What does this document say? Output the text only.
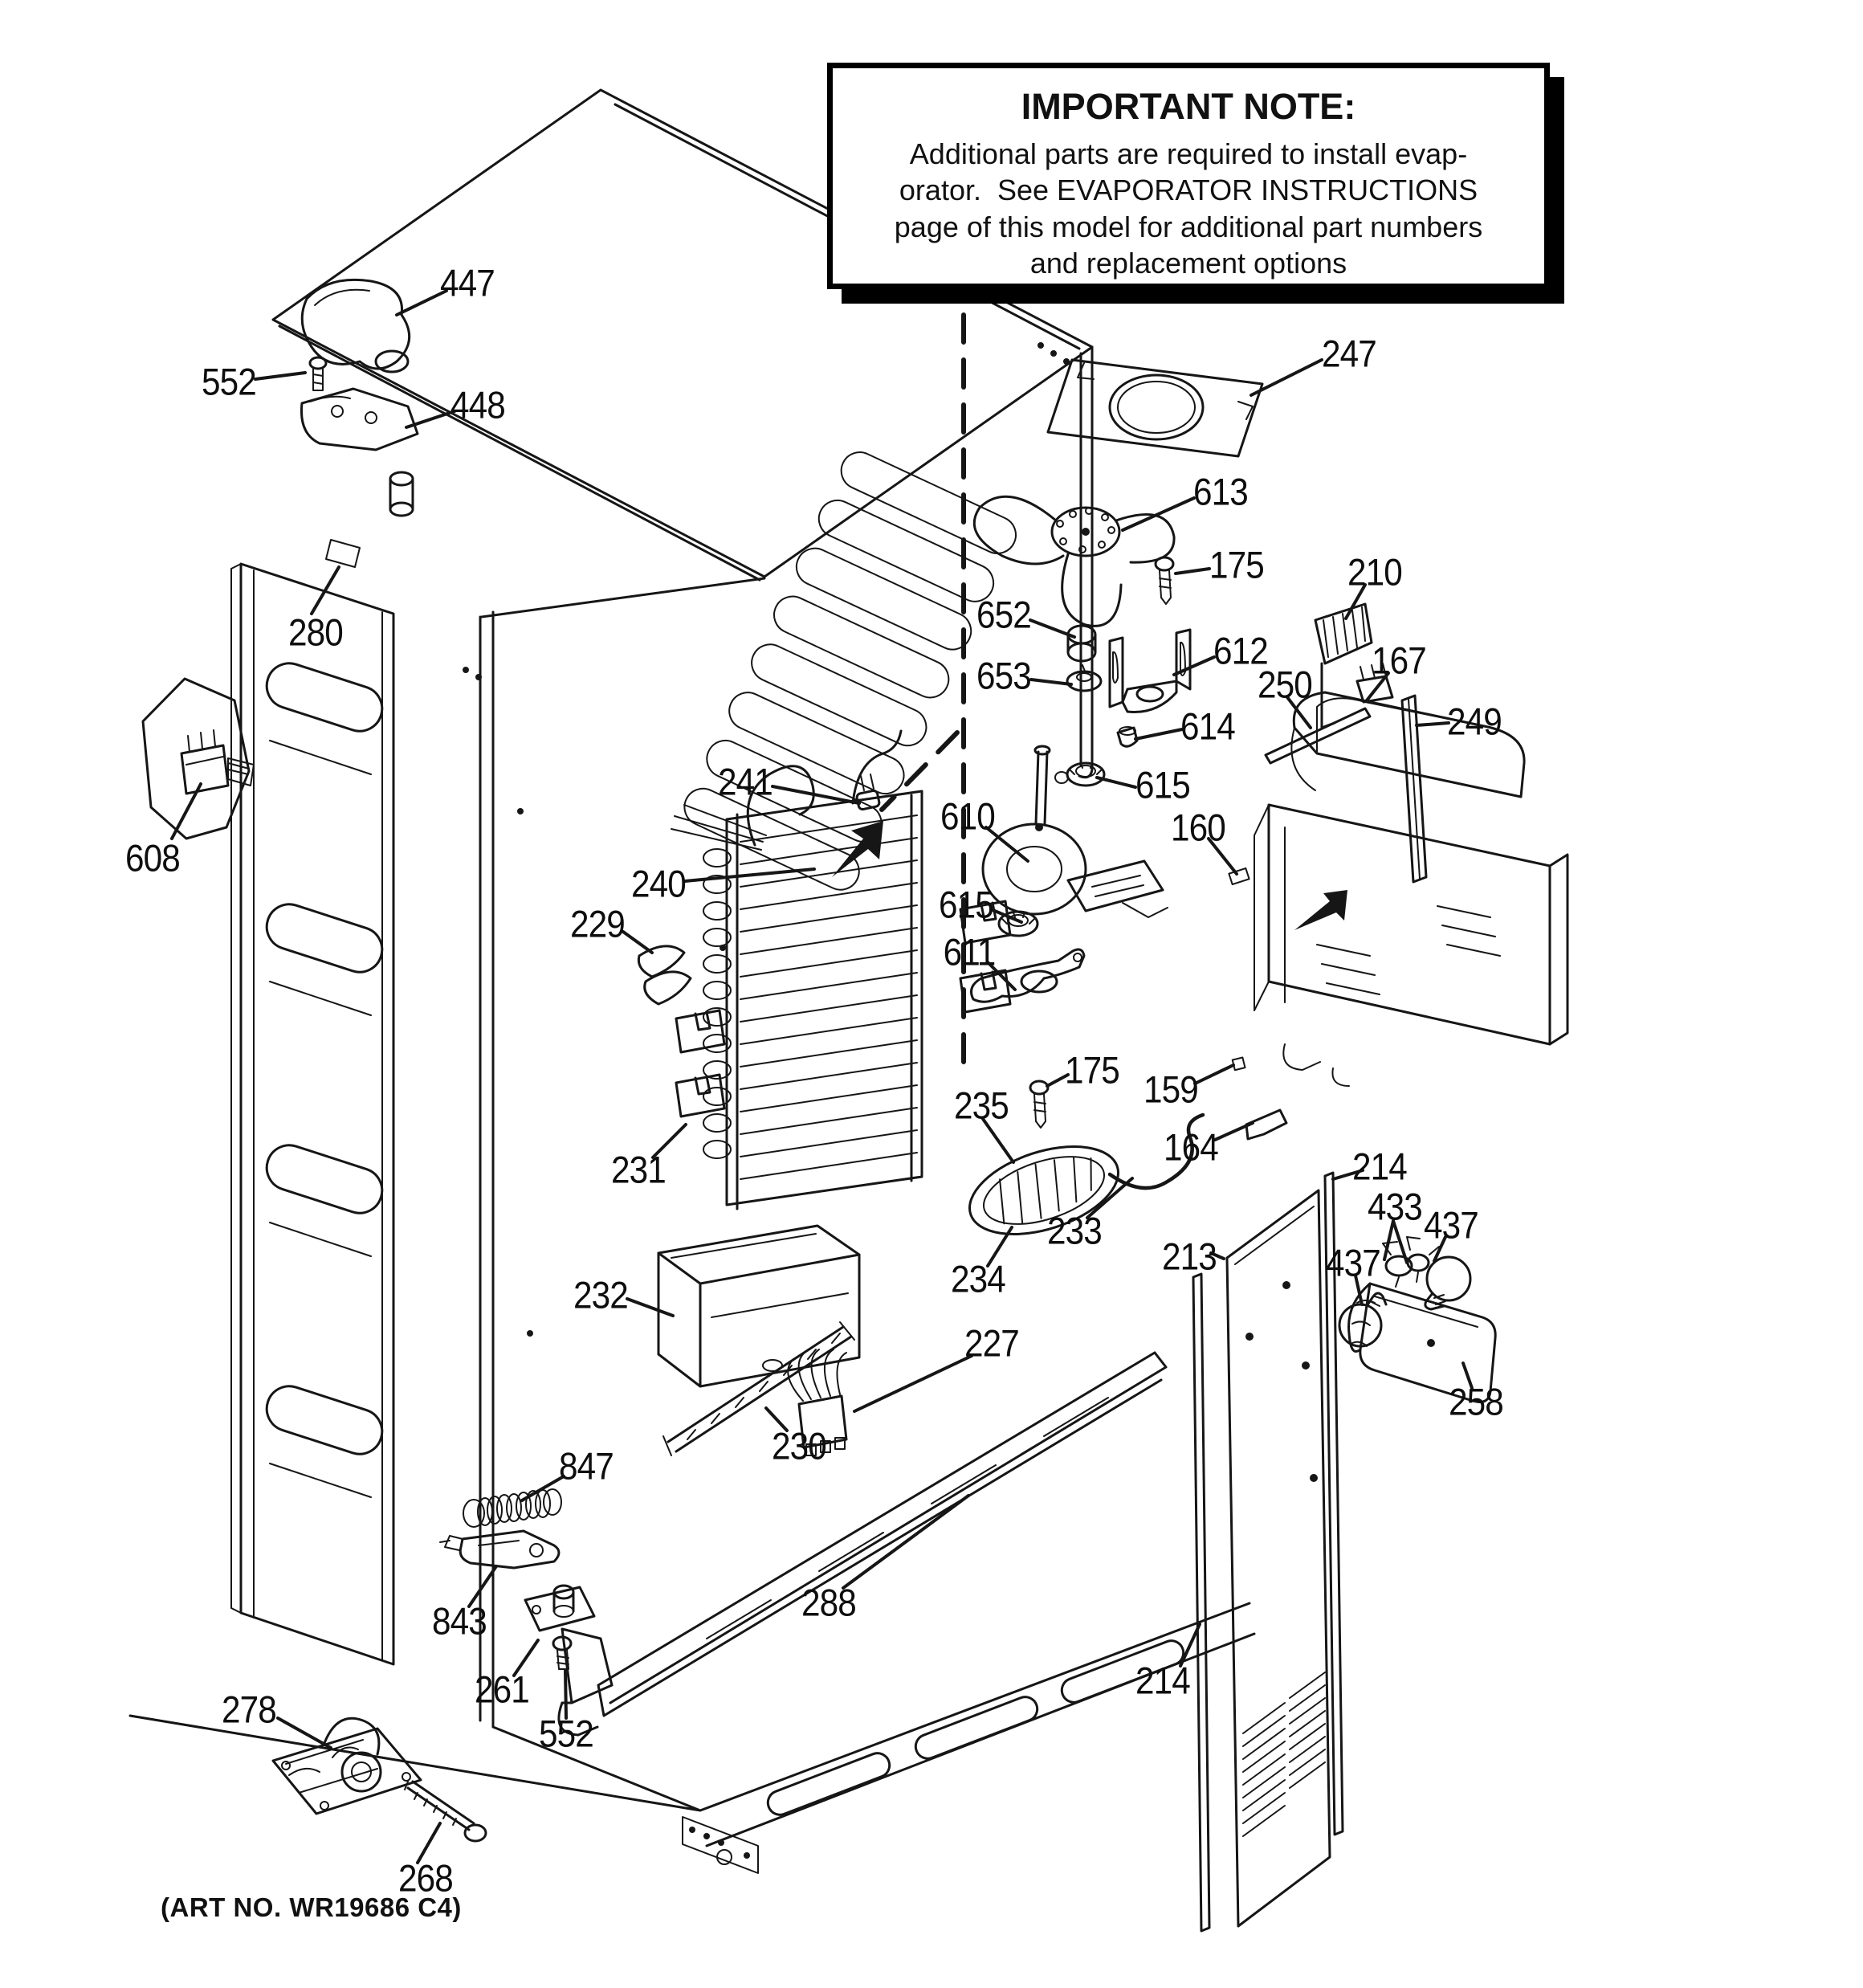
IMPORTANT NOTE:
Additional parts are required to install evap-
orator.  See EVAPORATOR INSTRUCTIONS
page of this model for additional part numbers
and replacement options
447
552
448
280
608
247
613
175
652
653
612
614
615
610
615
611
175
210
250
167
249
160
159
164
241
240
229
231
232
235
234
233
227
230
288
847
843
261
552
278
268
213
214
214
433 437
437
258
(ART NO. WR19686 C4)
